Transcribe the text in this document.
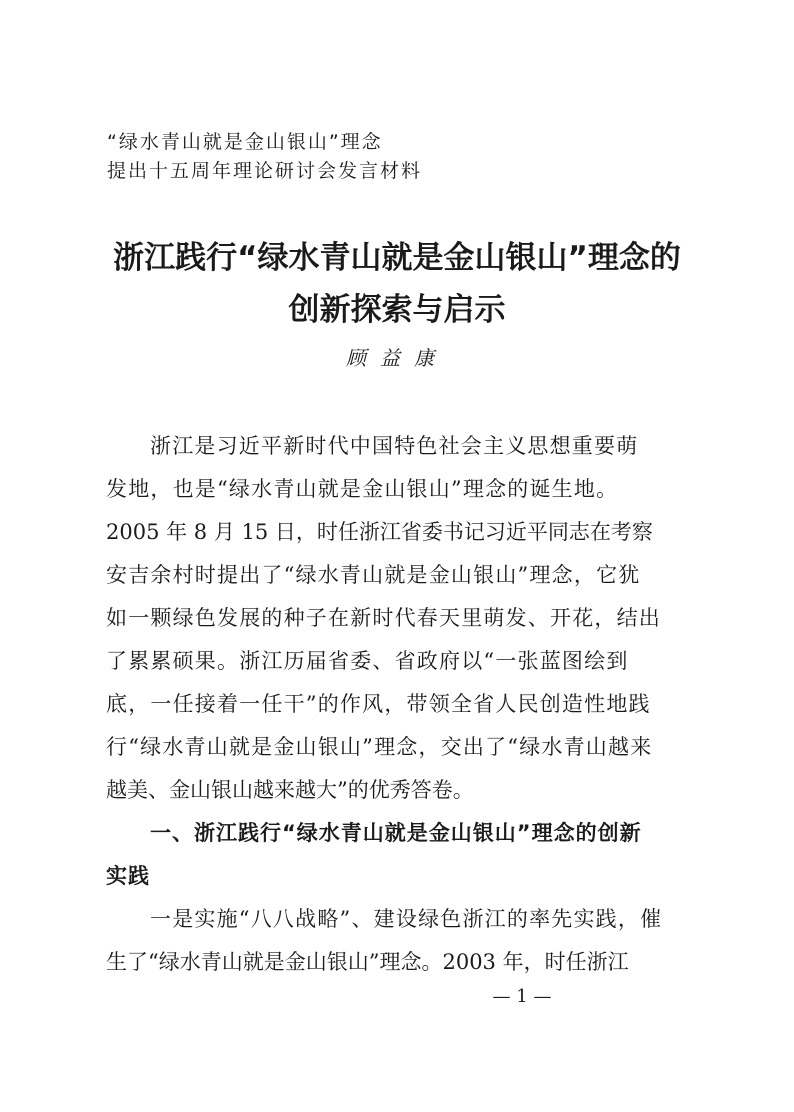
“绿水青山就是金山银山”理念
提出十五周年理论研讨会发言材料
浙江践行“绿水青山就是金山银山”理念的
创新探索与启示
顾益康
浙江是习近平新时代中国特色社会主义思想重要萌
发地，也是“绿水青山就是金山银山”理念的诞生地。
2005 年 8 月 15 日，时任浙江省委书记习近平同志在考察
安吉余村时提出了“绿水青山就是金山银山”理念，它犹
如一颗绿色发展的种子在新时代春天里萌发、开花，结出
了累累硕果。浙江历届省委、省政府以“一张蓝图绘到
底，一任接着一任干”的作风，带领全省人民创造性地践
行“绿水青山就是金山银山”理念，交出了“绿水青山越来
越美、金山银山越来越大”的优秀答卷。
一、浙江践行“绿水青山就是金山银山”理念的创新
实践
一是实施“八八战略”、建设绿色浙江的率先实践，催
生了“绿水青山就是金山银山”理念。2003 年，时任浙江
— 1 —
